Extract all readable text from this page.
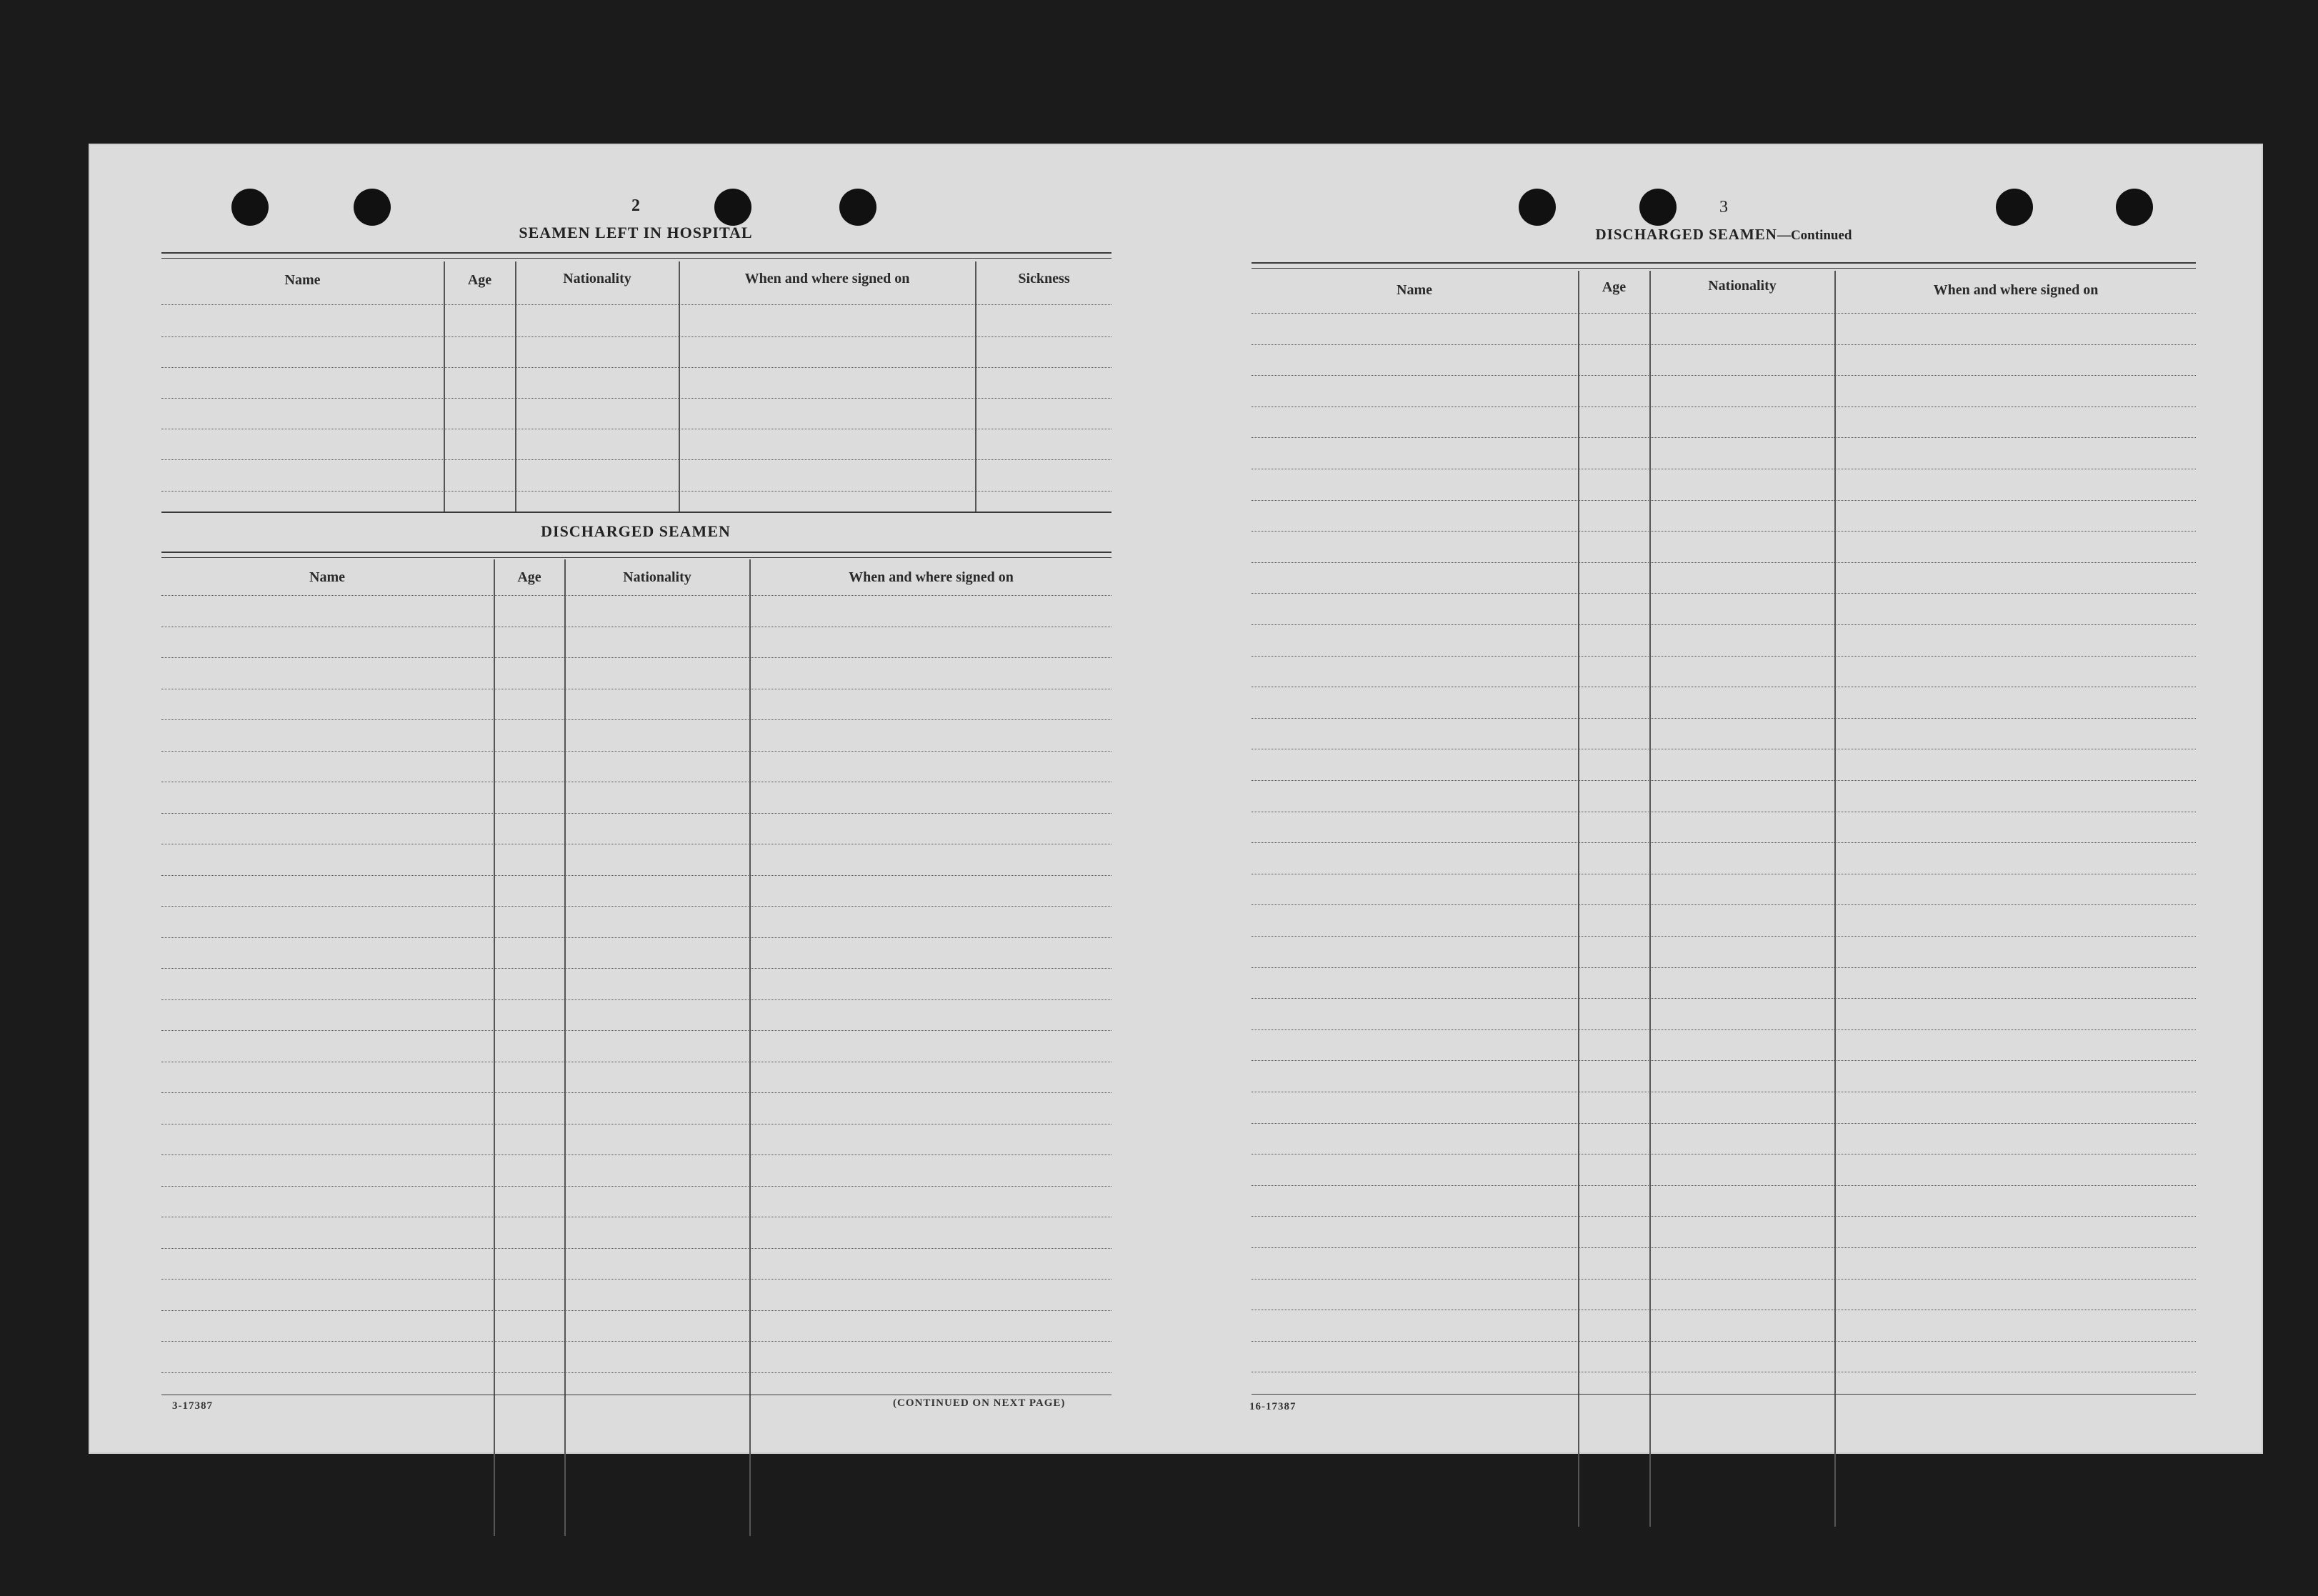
2
SEAMEN LEFT IN HOSPITAL
Name	Age	Nationality	When and where signed on	Sickness
DISCHARGED SEAMEN
Name	Age	Nationality	When and where signed on
3-17387	(CONTINUED ON NEXT PAGE)
3
DISCHARGED SEAMEN—Continued
Name	Age	Nationality	When and where signed on
16-17387
